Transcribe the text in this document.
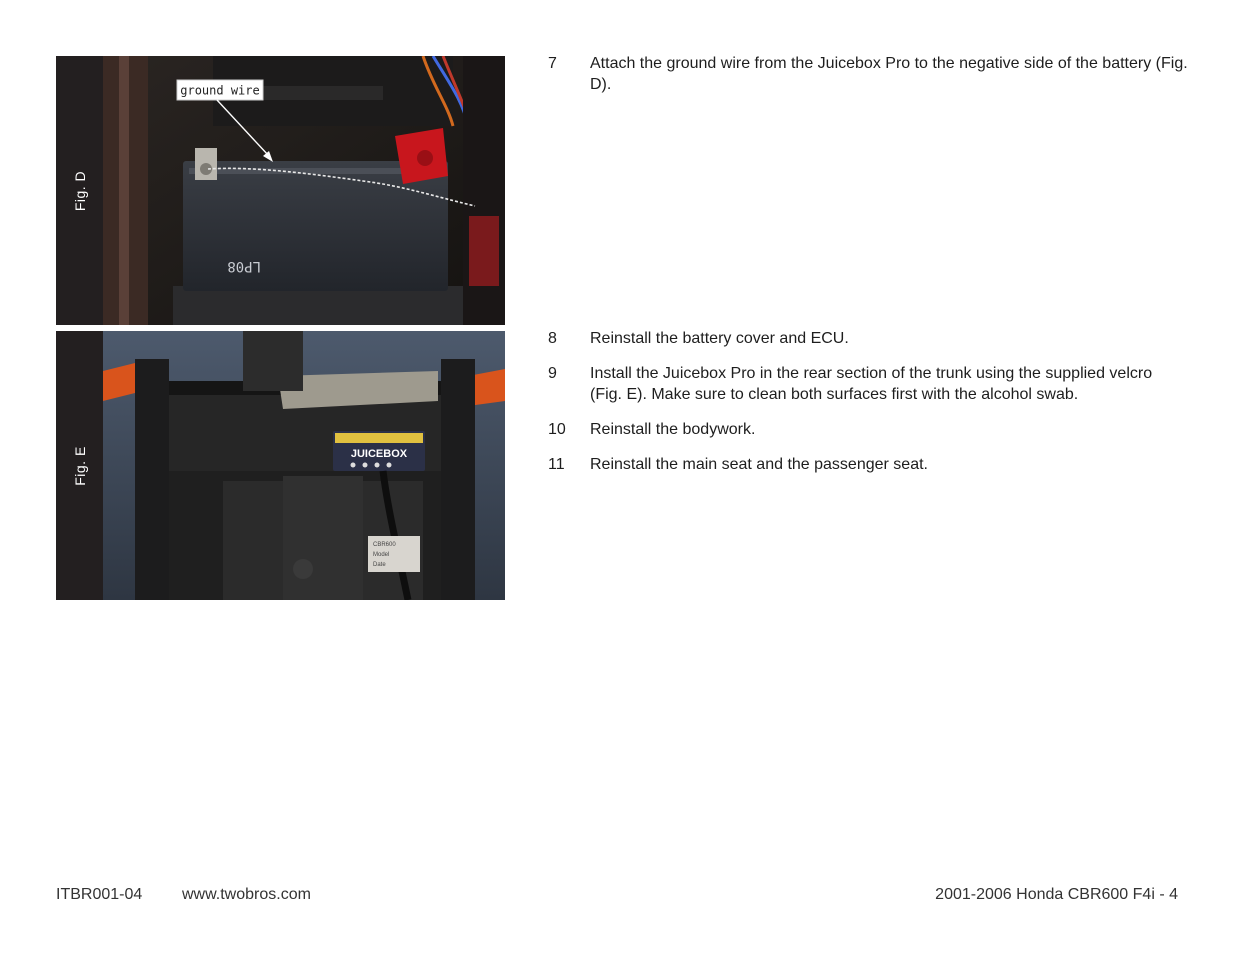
Fig. D
LP08
ground wire
Fig. E	JUICEBOX
CBR600
Model
Date
7	Attach the ground wire from the Juicebox Pro to the negative side of the battery (Fig. D).
8	Reinstall the battery cover and ECU.
9	Install the Juicebox Pro in the rear section of the trunk using the supplied velcro (Fig. E). Make sure to clean both surfaces first with the alcohol swab.
10	Reinstall the bodywork.
11	Reinstall the main seat and the passenger seat.
ITBR001-04 www.twobros.com	2001-2006 Honda CBR600 F4i - 4
